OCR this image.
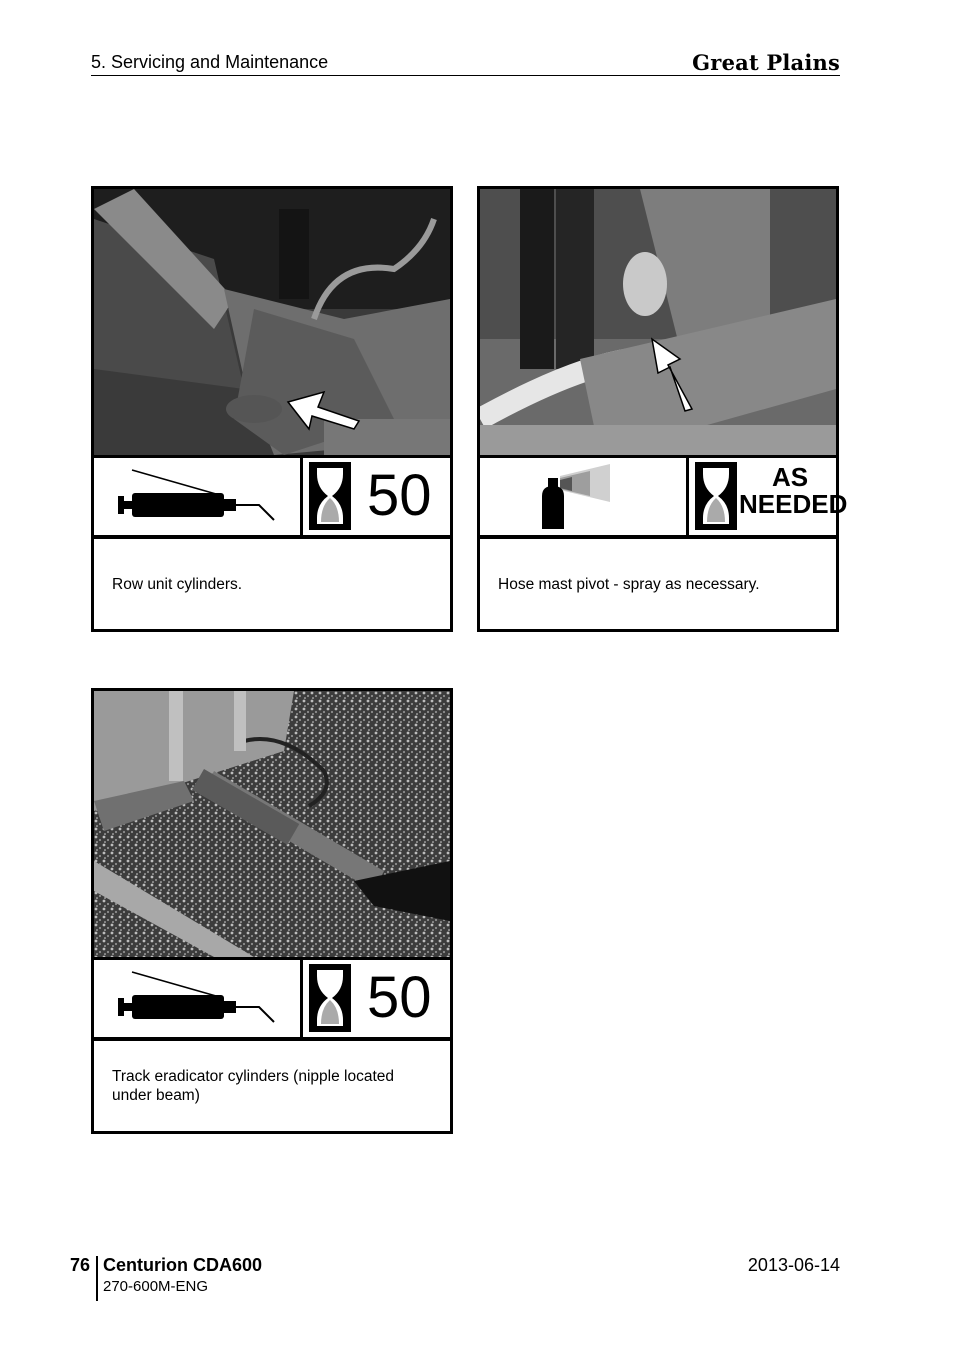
5. Servicing and Maintenance	Great Plains
50
Row unit cylinders.
AS
NEEDED
Hose mast pivot - spray as necessary.
50
Track eradicator cylinders (nipple located under beam)
76 Centurion CDA600
270-600M-ENG
2013-06-14
